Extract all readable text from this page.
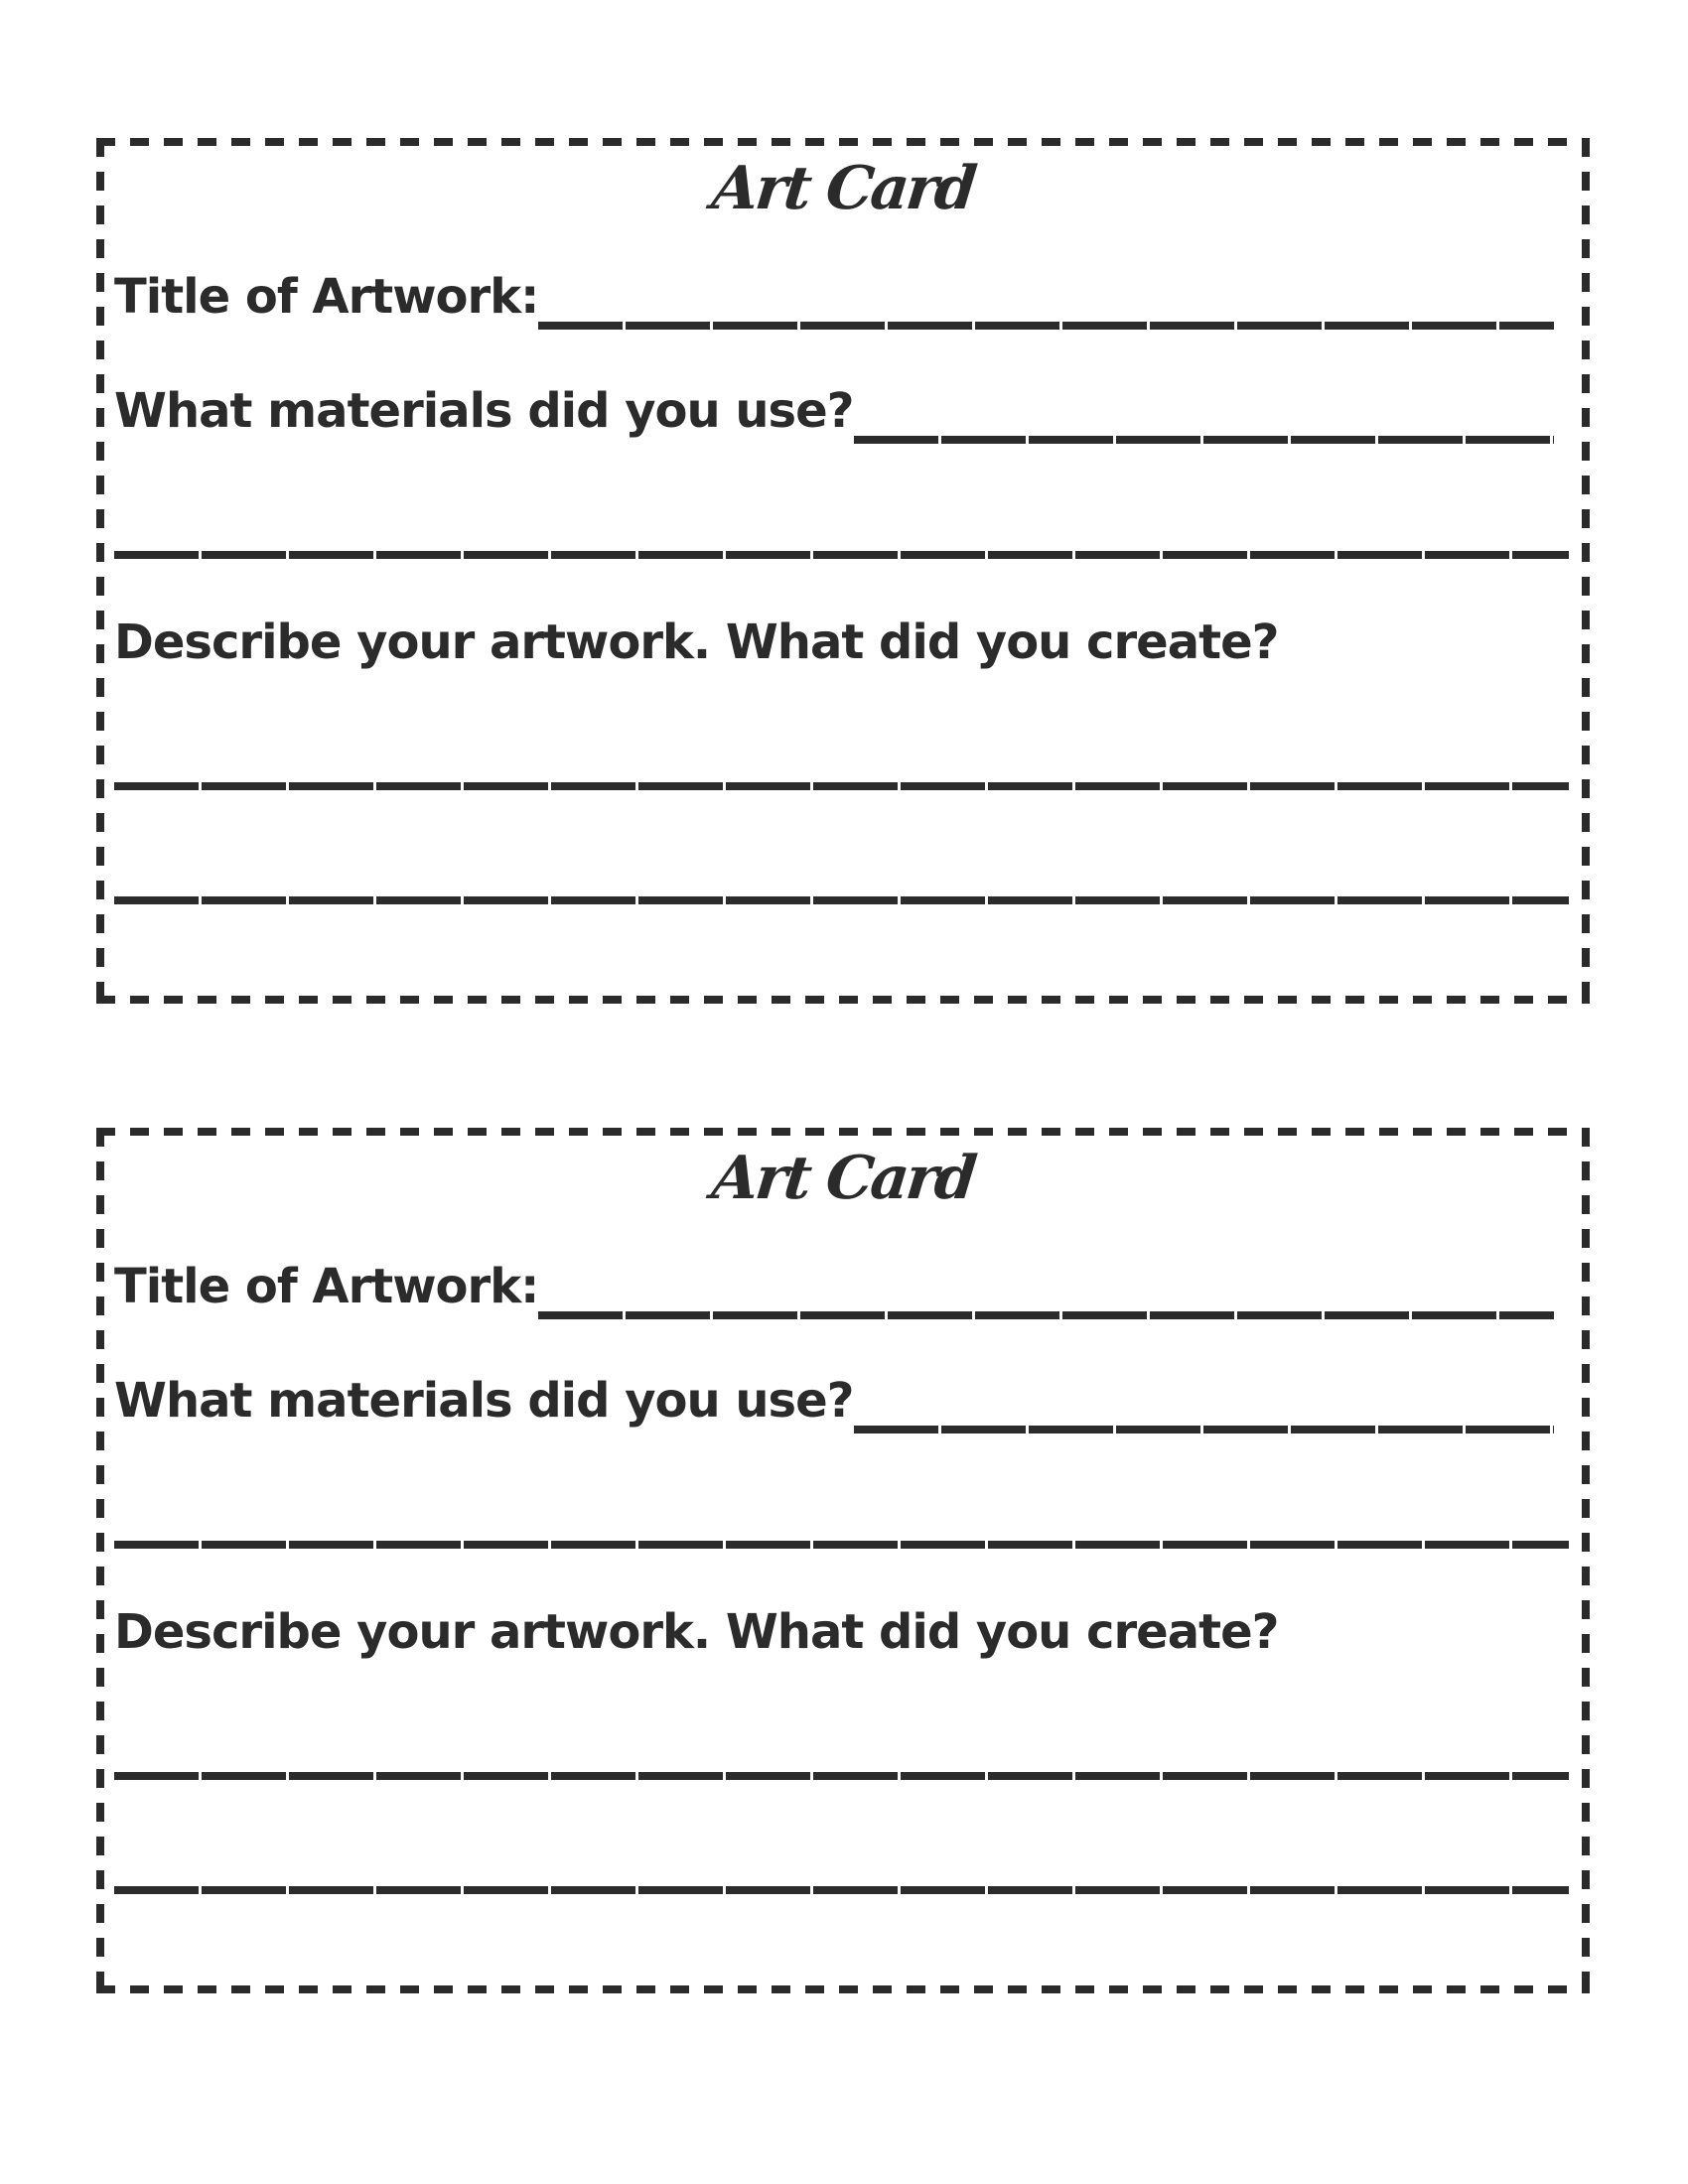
Art Card
Title of Artwork:
What materials did you use?
Describe your artwork. What did you create?
Art Card
Title of Artwork:
What materials did you use?
Describe your artwork. What did you create?
